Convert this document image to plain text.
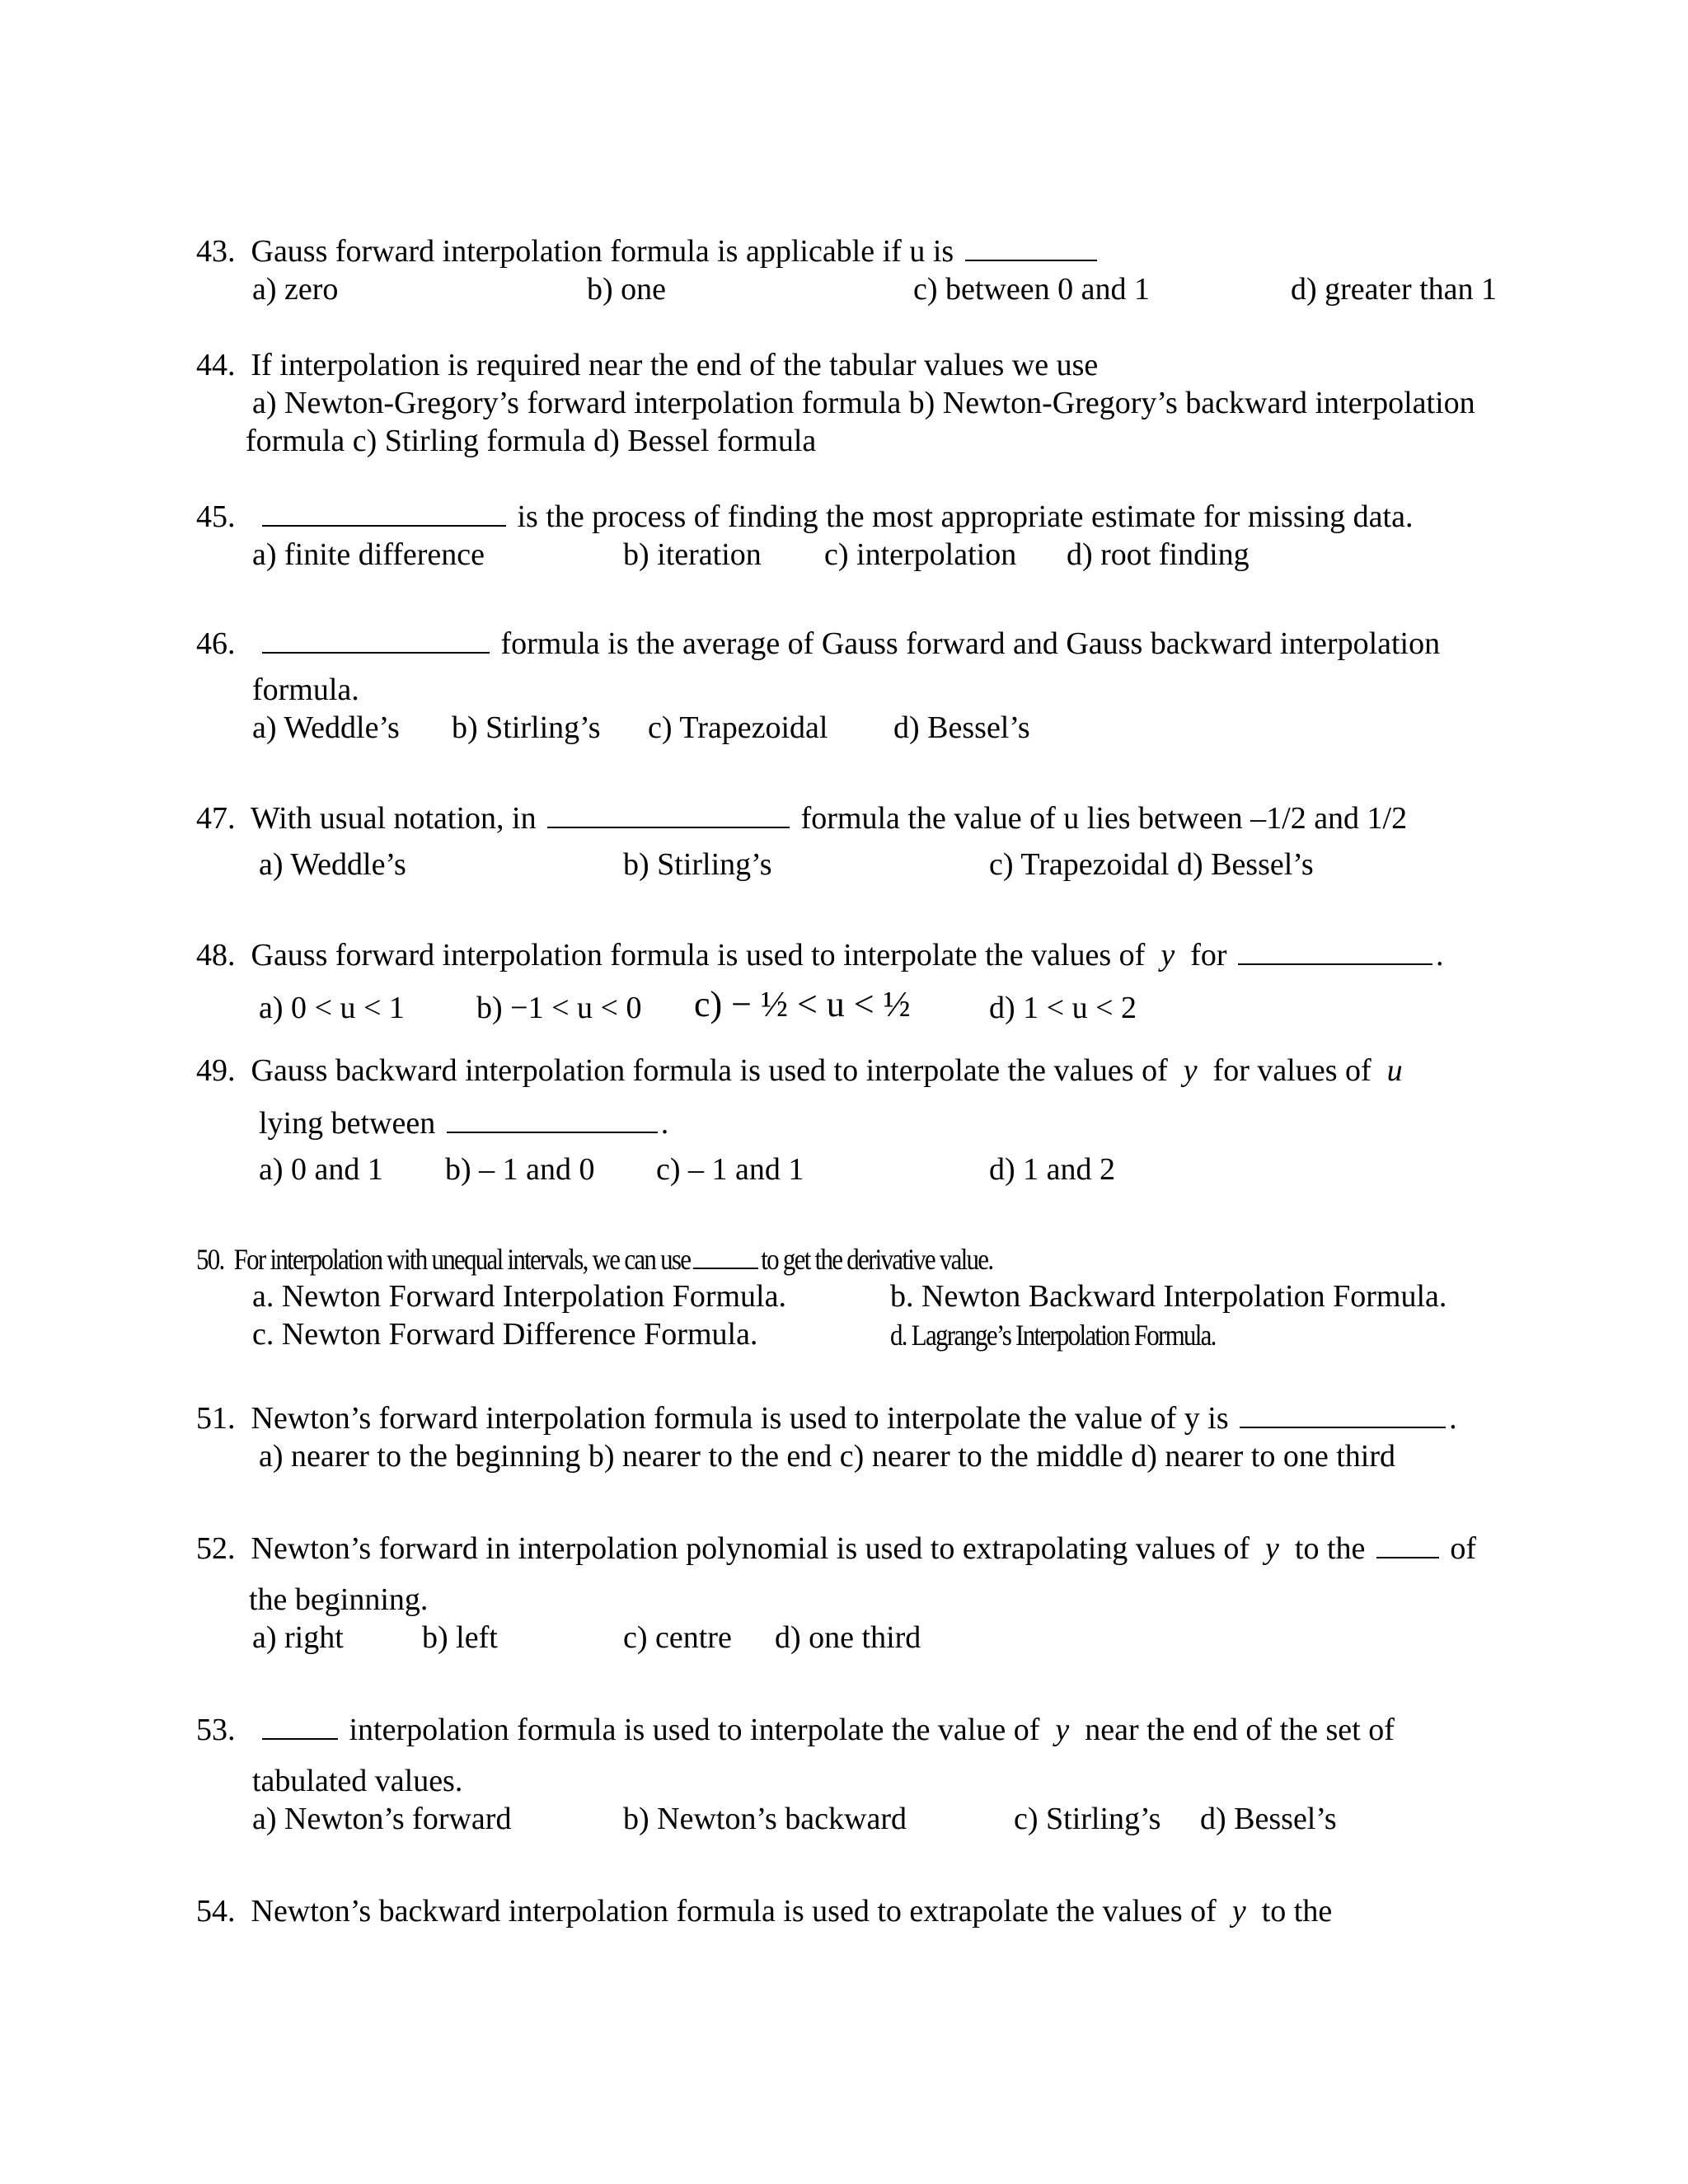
43. Gauss forward interpolation formula is applicable if u is
a) zero	b) one	c) between 0 and 1	d) greater than 1
44. If interpolation is required near the end of the tabular values we use
a) Newton-Gregory’s forward interpolation formula b) Newton-Gregory’s backward interpolation
formula c) Stirling formula d) Bessel formula
45.	is the process of finding the most appropriate estimate for missing data.
a) finite difference	b) iteration c) interpolation d) root finding
46.	formula is the average of Gauss forward and Gauss backward interpolation
formula.
a) Weddle’s b) Stirling’s c) Trapezoidal d) Bessel’s
47. With usual notation, in	formula the value of u lies between –1/2 and 1/2
a) Weddle’s	b) Stirling’s	c) Trapezoidal d) Bessel’s
48. Gauss forward interpolation formula is used to interpolate the values of y for	.
a) 0 < u < 1 b) −1 < u < 0 c) − ½ < u < ½	d) 1 < u < 2
49. Gauss backward interpolation formula is used to interpolate the values of y for values of u
lying between	.
a) 0 and 1 b) – 1 and 0 c) – 1 and 1	d) 1 and 2
50. For interpolation with unequal intervals, we can use to get the derivative value.
a. Newton Forward Interpolation Formula.	b. Newton Backward Interpolation Formula.
c. Newton Forward Difference Formula.	d. Lagrange’s Interpolation Formula.
51. Newton’s forward interpolation formula is used to interpolate the value of y is	.
a) nearer to the beginning b) nearer to the end c) nearer to the middle d) nearer to one third
52. Newton’s forward in interpolation polynomial is used to extrapolating values of y to the	of
the beginning.
a) right	b) left	c) centre d) one third
53.	interpolation formula is used to interpolate the value of y near the end of the set of
tabulated values.
a) Newton’s forward	b) Newton’s backward	c) Stirling’s d) Bessel’s
54. Newton’s backward interpolation formula is used to extrapolate the values of y to the
